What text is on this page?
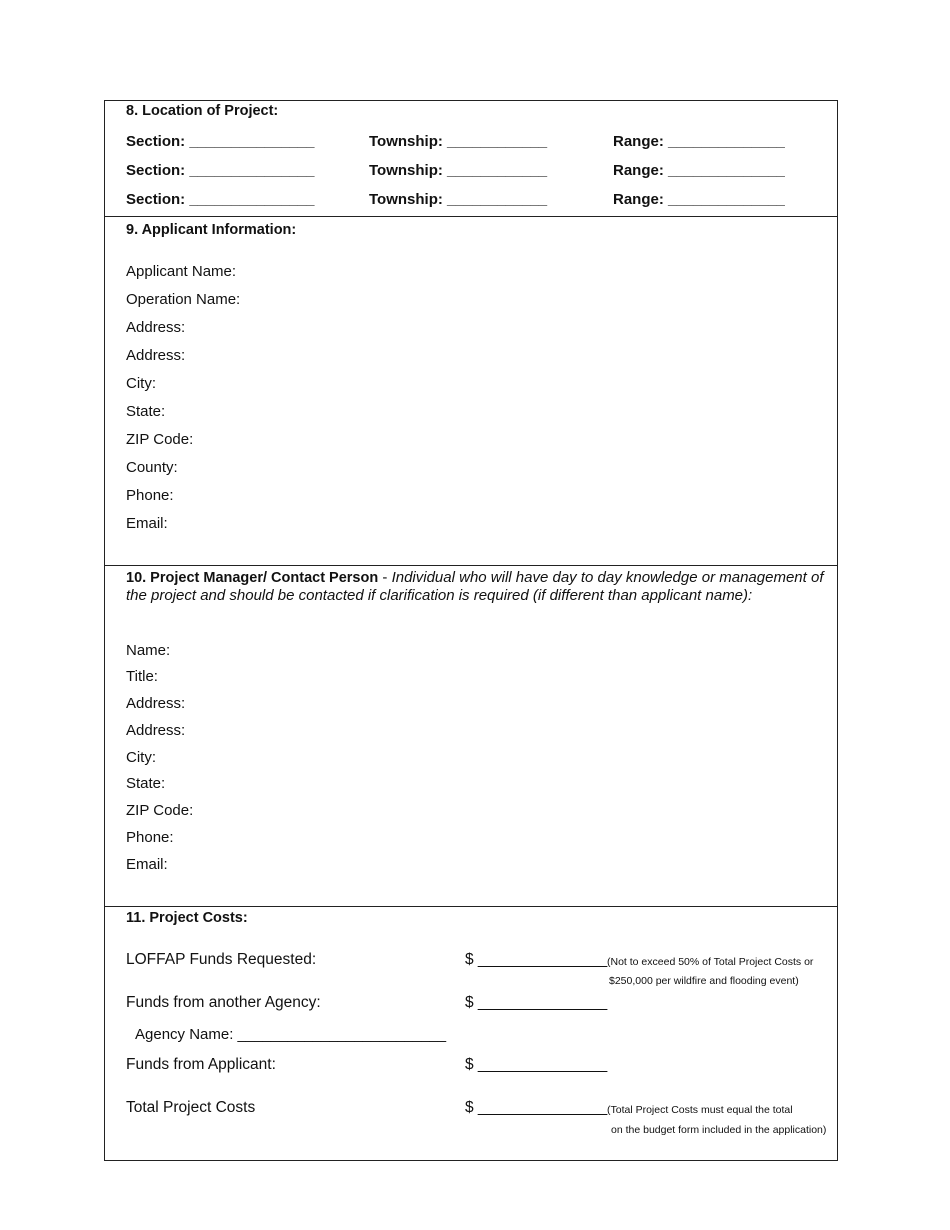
8. Location of Project:
Section: _______________	Township: ____________	Range: ______________
Section: _______________	Township: ____________	Range: ______________
Section: _______________	Township: ____________	Range: ______________
9. Applicant Information:
Applicant Name:
Operation Name:
Address:
Address:
City:
State:
ZIP Code:
County:
Phone:
Email:
10. Project Manager/ Contact Person - Individual who will have day to day knowledge or management of the project and should be contacted if clarification is required (if different than applicant name):
Name:
Title:
Address:
Address:
City:
State:
ZIP Code:
Phone:
Email:
11. Project Costs:
LOFFAP Funds Requested:	$ _______________ (Not to exceed 50% of Total Project Costs or
$250,000 per wildfire and flooding event)
Funds from another Agency:	$ _______________
Agency Name: _________________________
Funds from Applicant:	$ _______________
Total Project Costs	$ _______________ (Total Project Costs must equal the total
on the budget form included in the application)
